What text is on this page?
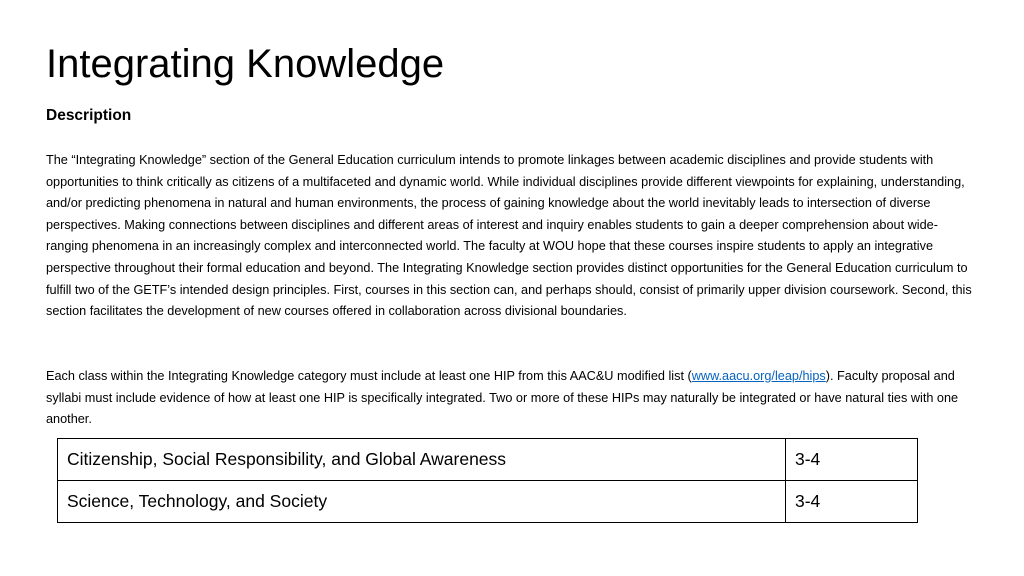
Integrating Knowledge
Description

The “Integrating Knowledge” section of the General Education curriculum intends to promote linkages between academic disciplines and provide students with opportunities to think critically as citizens of a multifaceted and dynamic world. While individual disciplines provide different viewpoints for explaining, understanding, and/or predicting phenomena in natural and human environments, the process of gaining knowledge about the world inevitably leads to intersection of diverse perspectives. Making connections between disciplines and different areas of interest and inquiry enables students to gain a deeper comprehension about wide-ranging phenomena in an increasingly complex and interconnected world. The faculty at WOU hope that these courses inspire students to apply an integrative perspective throughout their formal education and beyond. The Integrating Knowledge section provides distinct opportunities for the General Education curriculum to fulfill two of the GETF’s intended design principles. First, courses in this section can, and perhaps should, consist of primarily upper division coursework. Second, this section facilitates the development of new courses offered in collaboration across divisional boundaries.

Each class within the Integrating Knowledge category must include at least one HIP from this AAC&U modified list (www.aacu.org/leap/hips). Faculty proposal and syllabi must include evidence of how at least one HIP is specifically integrated. Two or more of these HIPs may naturally be integrated or have natural ties with one another.

Citizenship, Social Responsibility, and Global Awareness	3-4
Science, Technology, and Society	3-4
